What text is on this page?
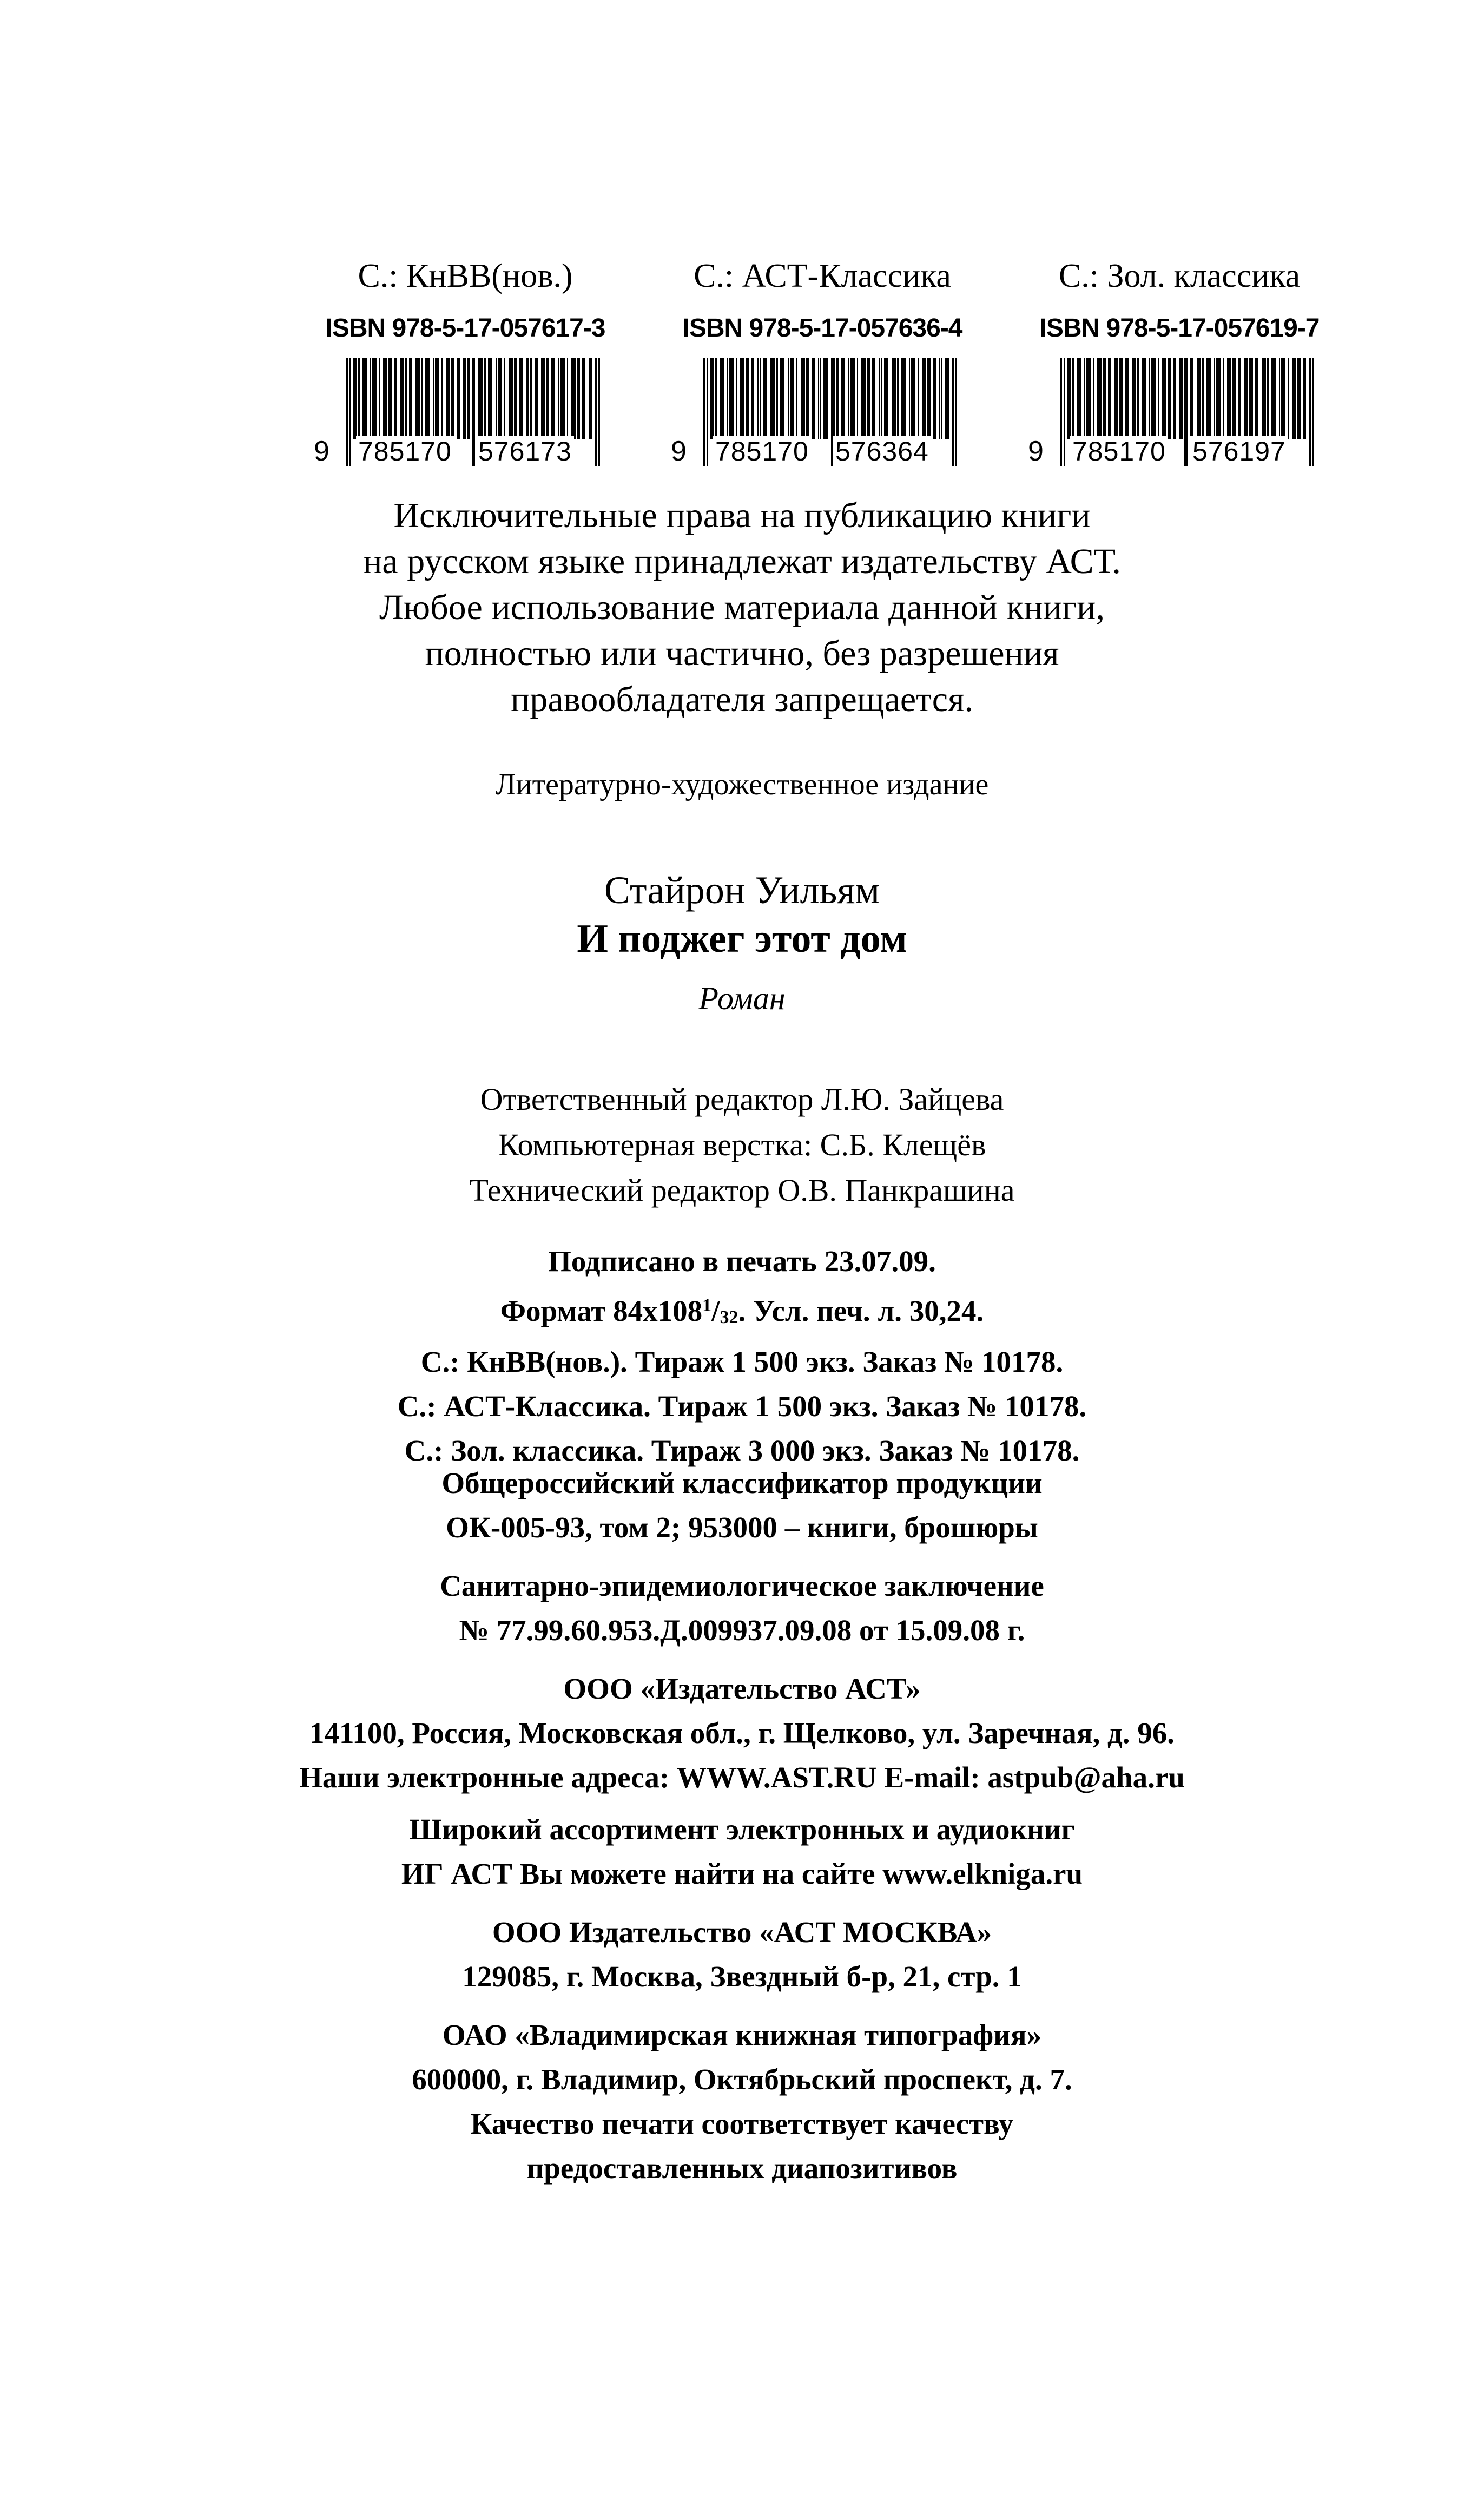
С.: КнВВ(нов.)
ISBN 978-5-17-057617-3
9 785170 576173
С.: АСТ-Классика
ISBN 978-5-17-057636-4
9 785170 576364
С.: Зол. классика
ISBN 978-5-17-057619-7
9 785170 576197
Исключительные права на публикацию книги
на русском языке принадлежат издательству АСТ.
Любое использование материала данной книги,
полностью или частично, без разрешения
правообладателя запрещается.
Литературно-художественное издание
Стайрон Уильям
И поджег этот дом
Роман
Ответственный редактор Л.Ю. Зайцева
Компьютерная верстка: С.Б. Клещёв
Технический редактор О.В. Панкрашина
Подписано в печать 23.07.09.
Формат $84x108^1/_{32}$. Усл. печ. л. 30,24.
С.: КнВВ(нов.). Тираж 1 500 экз. Заказ № 10178.
С.: АСТ-Классика. Тираж 1 500 экз. Заказ № 10178.
С.: Зол. классика. Тираж 3 000 экз. Заказ № 10178.
Общероссийский классификатор продукции
ОК-005-93, том 2; 953000 – книги, брошюры
Санитарно-эпидемиологическое заключение
№ 77.99.60.953.Д.009937.09.08 от 15.09.08 г.
ООО «Издательство АСТ»
141100, Россия, Московская обл., г. Щелково, ул. Заречная, д. 96.
Наши электронные адреса: WWW.AST.RU E-mail: astpub@aha.ru
Широкий ассортимент электронных и аудиокниг
ИГ АСТ Вы можете найти на сайте www.elkniga.ru
ООО Издательство «АСТ МОСКВА»
129085, г. Москва, Звездный б-р, 21, стр. 1
ОАО «Владимирская книжная типография»
600000, г. Владимир, Октябрьский проспект, д. 7.
Качество печати соответствует качеству
предоставленных диапозитивов
